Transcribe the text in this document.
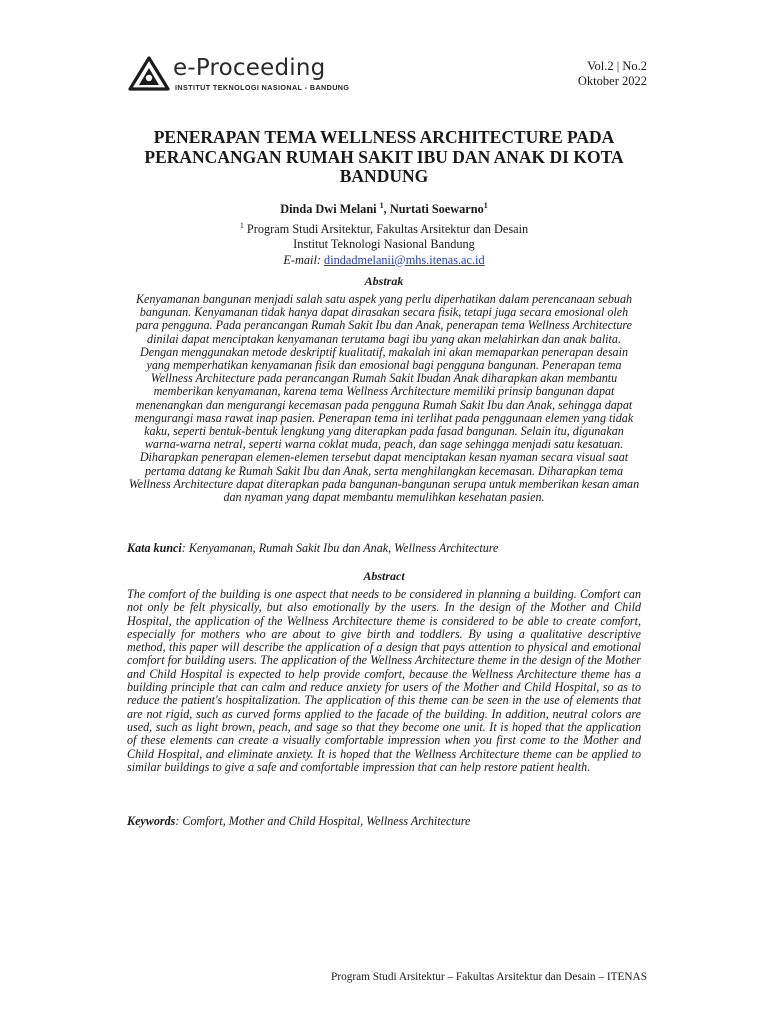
e-Proceeding
INSTITUT TEKNOLOGI NASIONAL - BANDUNG
Vol.2 | No.2
Oktober 2022
PENERAPAN TEMA WELLNESS ARCHITECTURE PADA PERANCANGAN RUMAH SAKIT IBU DAN ANAK DI KOTA BANDUNG
Dinda Dwi Melani $^1$, Nurtati Soewarno$^1$
$^1$ Program Studi Arsitektur, Fakultas Arsitektur dan Desain
Institut Teknologi Nasional Bandung
E-mail: dindadmelanii@mhs.itenas.ac.id
Abstrak
Kenyamanan bangunan menjadi salah satu aspek yang perlu diperhatikan dalam perencanaan sebuah bangunan. Kenyamanan tidak hanya dapat dirasakan secara fisik, tetapi juga secara emosional oleh para pengguna. Pada perancangan Rumah Sakit Ibu dan Anak, penerapan tema Wellness Architecture dinilai dapat menciptakan kenyamanan terutama bagi ibu yang akan melahirkan dan anak balita. Dengan menggunakan metode deskriptif kualitatif, makalah ini akan memaparkan penerapan desain yang memperhatikan kenyamanan fisik dan emosional bagi pengguna bangunan. Penerapan tema Wellness Architecture pada perancangan Rumah Sakit Ibudan Anak diharapkan akan membantu memberikan kenyamanan, karena tema Wellness Architecture memiliki prinsip bangunan dapat menenangkan dan mengurangi kecemasan pada pengguna Rumah Sakit Ibu dan Anak, sehingga dapat mengurangi masa rawat inap pasien. Penerapan tema ini terlihat pada penggunaan elemen yang tidak kaku, seperti bentuk-bentuk lengkung yang diterapkan pada fasad bangunan. Selain itu, digunakan warna-warna netral, seperti warna coklat muda, peach, dan sage sehingga menjadi satu kesatuan. Diharapkan penerapan elemen-elemen tersebut dapat menciptakan kesan nyaman secara visual saat pertama datang ke Rumah Sakit Ibu dan Anak, serta menghilangkan kecemasan. Diharapkan tema Wellness Architecture dapat diterapkan pada bangunan-bangunan serupa untuk memberikan kesan aman dan nyaman yang dapat membantu memulihkan kesehatan pasien.
Kata kunci: Kenyamanan, Rumah Sakit Ibu dan Anak, Wellness Architecture
Abstract
The comfort of the building is one aspect that needs to be considered in planning a building. Comfort can not only be felt physically, but also emotionally by the users. In the design of the Mother and Child Hospital, the application of the Wellness Architecture theme is considered to be able to create comfort, especially for mothers who are about to give birth and toddlers. By using a qualitative descriptive method, this paper will describe the application of a design that pays attention to physical and emotional comfort for building users. The application of the Wellness Architecture theme in the design of the Mother and Child Hospital is expected to help provide comfort, because the Wellness Architecture theme has a building principle that can calm and reduce anxiety for users of the Mother and Child Hospital, so as to reduce the patient's hospitalization. The application of this theme can be seen in the use of elements that are not rigid, such as curved forms applied to the facade of the building. In addition, neutral colors are used, such as light brown, peach, and sage so that they become one unit. It is hoped that the application of these elements can create a visually comfortable impression when you first come to the Mother and Child Hospital, and eliminate anxiety. It is hoped that the Wellness Architecture theme can be applied to similar buildings to give a safe and comfortable impression that can help restore patient health.
Keywords: Comfort, Mother and Child Hospital, Wellness Architecture
Program Studi Arsitektur – Fakultas Arsitektur dan Desain – ITENAS
